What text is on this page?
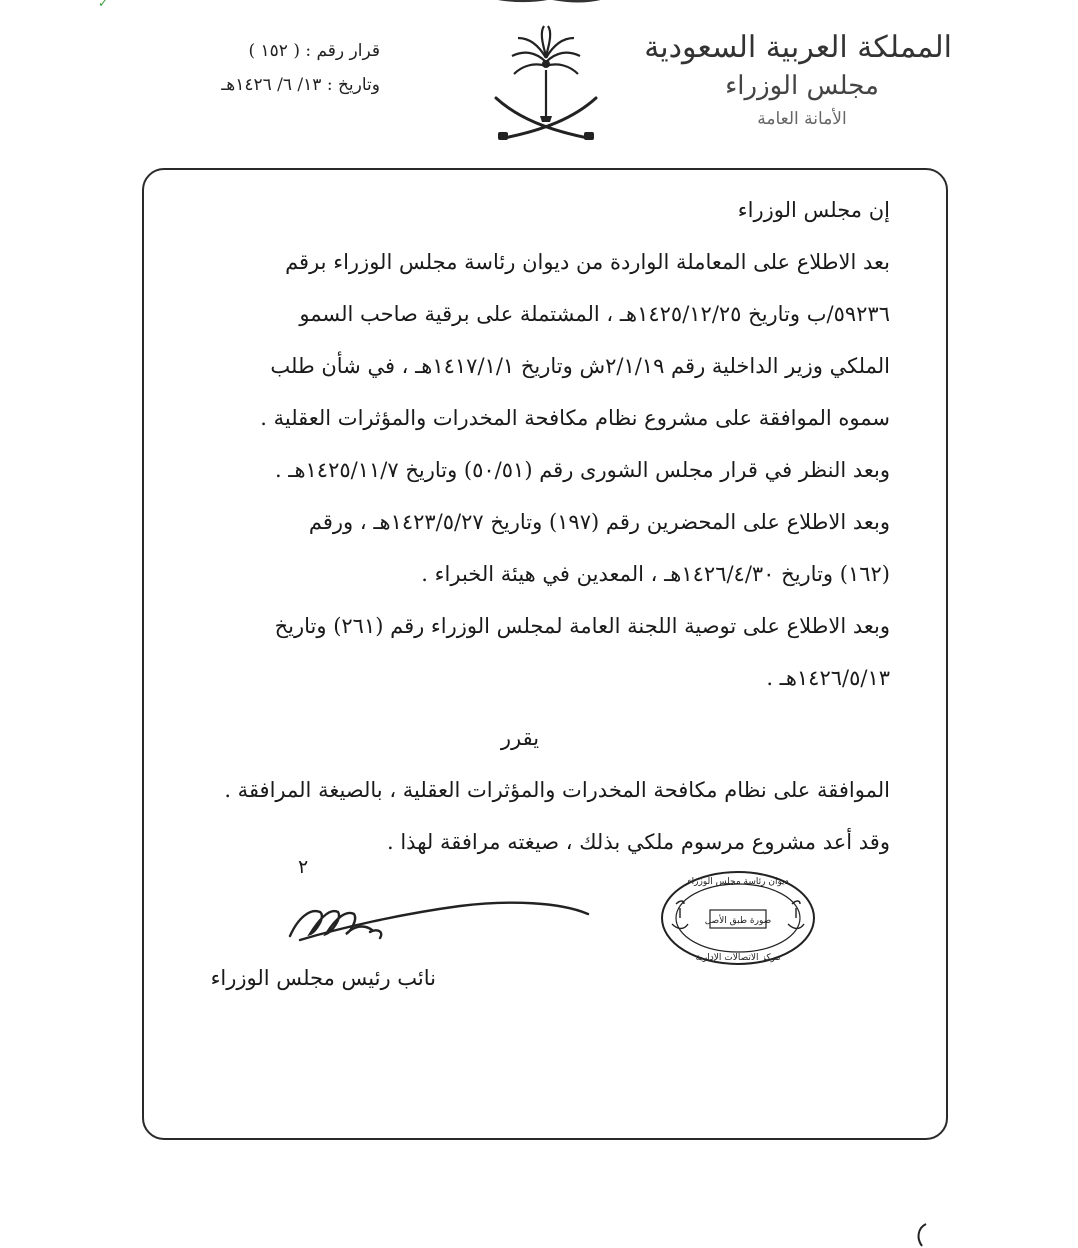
✓
المملكة العربية السعودية
مجلس الوزراء
الأمانة العامة
قرار رقم : ( ١٥٢ )
وتاريخ : ١٣/ ٦/ ١٤٢٦هـ

إن مجلس الوزراء

بعد الاطلاع على المعاملة الواردة من ديوان رئاسة مجلس الوزراء برقم

٥٩٢٣٦/ب وتاريخ ١٤٢٥/١٢/٢٥هـ ، المشتملة على برقية صاحب السمو

الملكي وزير الداخلية رقم ٢/١/١٩ش وتاريخ ١٤١٧/١/١هـ ، في شأن طلب

سموه الموافقة على مشروع نظام مكافحة المخدرات والمؤثرات العقلية .

وبعد النظر في قرار مجلس الشورى رقم (٥٠/٥١) وتاريخ ١٤٢٥/١١/٧هـ .

وبعد الاطلاع على المحضرين رقم (١٩٧) وتاريخ ١٤٢٣/٥/٢٧هـ ، ورقم

(١٦٢) وتاريخ ١٤٢٦/٤/٣٠هـ ، المعدين في هيئة الخبراء .

وبعد الاطلاع على توصية اللجنة العامة لمجلس الوزراء رقم (٢٦١) وتاريخ

١٤٢٦/٥/١٣هـ .

يقرر

الموافقة على نظام مكافحة المخدرات والمؤثرات العقلية ، بالصيغة المرافقة .

وقد أعد مشروع مرسوم ملكي بذلك ، صيغته مرافقة لهذا .

٢
نائب رئيس مجلس الوزراء
ديوان رئاسة مجلس الوزراء
صورة طبق الأصل
مركز الاتصالات الإدارية
